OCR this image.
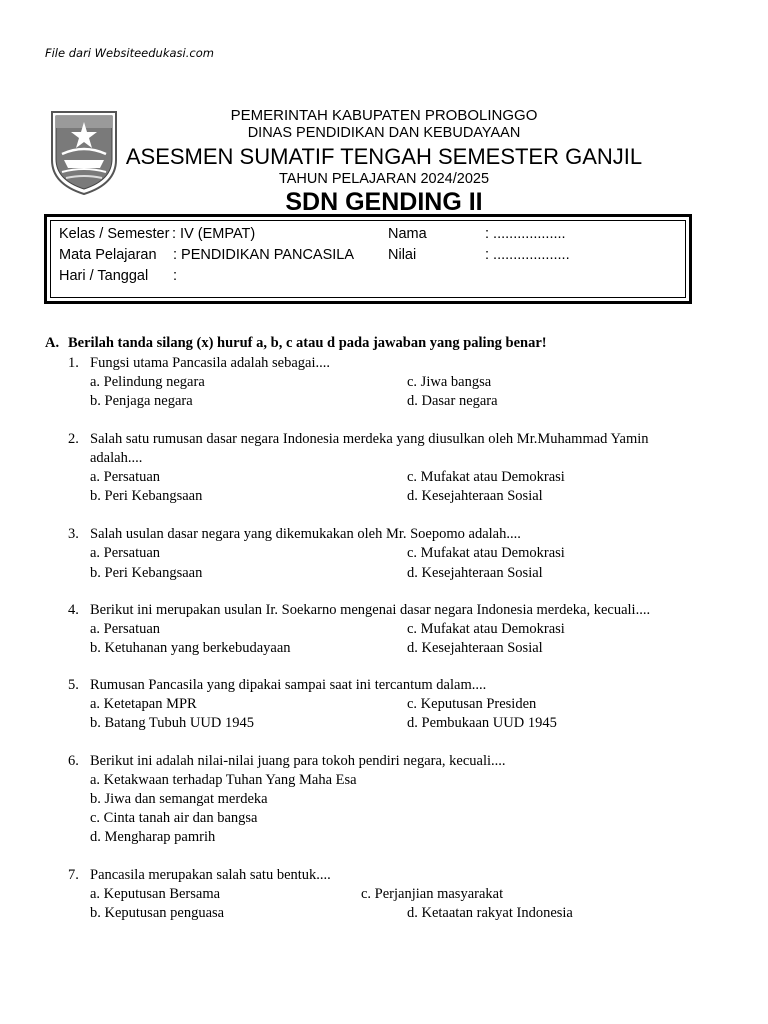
File dari Websiteedukasi.com
PEMERINTAH KABUPATEN PROBOLINGGO
DINAS PENDIDIKAN DAN KEBUDAYAAN
ASESMEN SUMATIF TENGAH SEMESTER GANJIL
TAHUN PELAJARAN 2024/2025
SDN GENDING II
Kelas / Semester : IV (EMPAT)
Mata Pelajaran : PENDIDIKAN PANCASILA
Hari / Tanggal :
Nama	: ..................
Nilai	: ...................
A. Berilah tanda silang (x) huruf a, b, c atau d pada jawaban yang paling benar!
1. Fungsi utama Pancasila adalah sebagai....
a. Pelindung negara
b. Penjaga negara
c. Jiwa bangsa
d. Dasar negara
2. Salah satu rumusan dasar negara Indonesia merdeka yang diusulkan oleh Mr.Muhammad Yamin
adalah....
a. Persatuan
b. Peri Kebangsaan
c. Mufakat atau Demokrasi
d. Kesejahteraan Sosial
3. Salah usulan dasar negara yang dikemukakan oleh Mr. Soepomo adalah....
a. Persatuan
b. Peri Kebangsaan
c. Mufakat atau Demokrasi
d. Kesejahteraan Sosial
4. Berikut ini merupakan usulan Ir. Soekarno mengenai dasar negara Indonesia merdeka, kecuali....
a. Persatuan
b. Ketuhanan yang berkebudayaan
c. Mufakat atau Demokrasi
d. Kesejahteraan Sosial
5. Rumusan Pancasila yang dipakai sampai saat ini tercantum dalam....
a. Ketetapan MPR
b. Batang Tubuh UUD 1945
c. Keputusan Presiden
d. Pembukaan UUD 1945
6. Berikut ini adalah nilai-nilai juang para tokoh pendiri negara, kecuali....
a. Ketakwaan terhadap Tuhan Yang Maha Esa
b. Jiwa dan semangat merdeka
c. Cinta tanah air dan bangsa
d. Mengharap pamrih
7. Pancasila merupakan salah satu bentuk....
a. Keputusan Bersama
b. Keputusan penguasa
c. Perjanjian masyarakat
d. Ketaatan rakyat Indonesia
